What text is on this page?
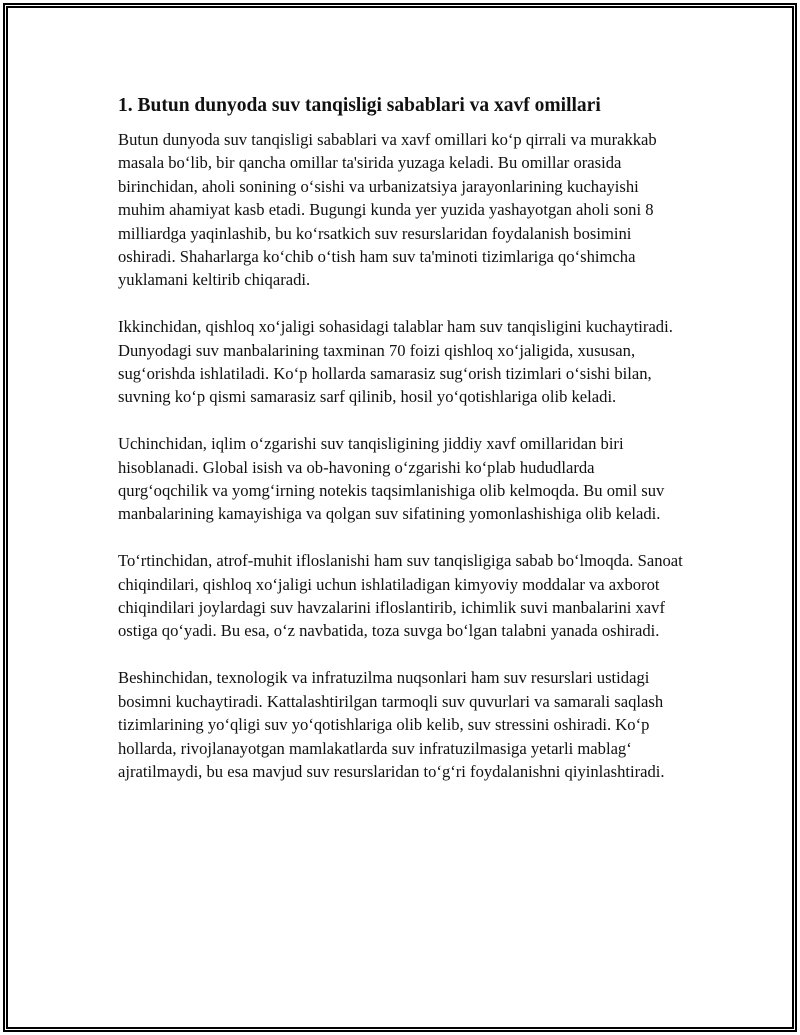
1. Butun dunyoda suv tanqisligi sabablari va xavf omillari

Butun dunyoda suv tanqisligi sabablari va xavf omillari ko‘p qirrali va murakkab masala bo‘lib, bir qancha omillar ta'sirida yuzaga keladi. Bu omillar orasida birinchidan, aholi sonining o‘sishi va urbanizatsiya jarayonlarining kuchayishi muhim ahamiyat kasb etadi. Bugungi kunda yer yuzida yashayotgan aholi soni 8 milliardga yaqinlashib, bu ko‘rsatkich suv resurslaridan foydalanish bosimini oshiradi. Shaharlarga ko‘chib o‘tish ham suv ta'minoti tizimlariga qo‘shimcha yuklamani keltirib chiqaradi.

Ikkinchidan, qishloq xo‘jaligi sohasidagi talablar ham suv tanqisligini kuchaytiradi. Dunyodagi suv manbalarining taxminan 70 foizi qishloq xo‘jaligida, xususan, sug‘orishda ishlatiladi. Ko‘p hollarda samarasiz sug‘orish tizimlari o‘sishi bilan, suvning ko‘p qismi samarasiz sarf qilinib, hosil yo‘qotishlariga olib keladi.

Uchinchidan, iqlim o‘zgarishi suv tanqisligining jiddiy xavf omillaridan biri hisoblanadi. Global isish va ob-havoning o‘zgarishi ko‘plab hududlarda qurg‘oqchilik va yomg‘irning notekis taqsimlanishiga olib kelmoqda. Bu omil suv manbalarining kamayishiga va qolgan suv sifatining yomonlashishiga olib keladi.

To‘rtinchidan, atrof-muhit ifloslanishi ham suv tanqisligiga sabab bo‘lmoqda. Sanoat chiqindilari, qishloq xo‘jaligi uchun ishlatiladigan kimyoviy moddalar va axborot chiqindilari joylardagi suv havzalarini ifloslantirib, ichimlik suvi manbalarini xavf ostiga qo‘yadi. Bu esa, o‘z navbatida, toza suvga bo‘lgan talabni yanada oshiradi.

Beshinchidan, texnologik va infratuzilma nuqsonlari ham suv resurslari ustidagi bosimni kuchaytiradi. Kattalashtirilgan tarmoqli suv quvurlari va samarali saqlash tizimlarining yo‘qligi suv yo‘qotishlariga olib kelib, suv stressini oshiradi. Ko‘p hollarda, rivojlanayotgan mamlakatlarda suv infratuzilmasiga yetarli mablag‘ ajratilmaydi, bu esa mavjud suv resurslaridan to‘g‘ri foydalanishni qiyinlashtiradi.
